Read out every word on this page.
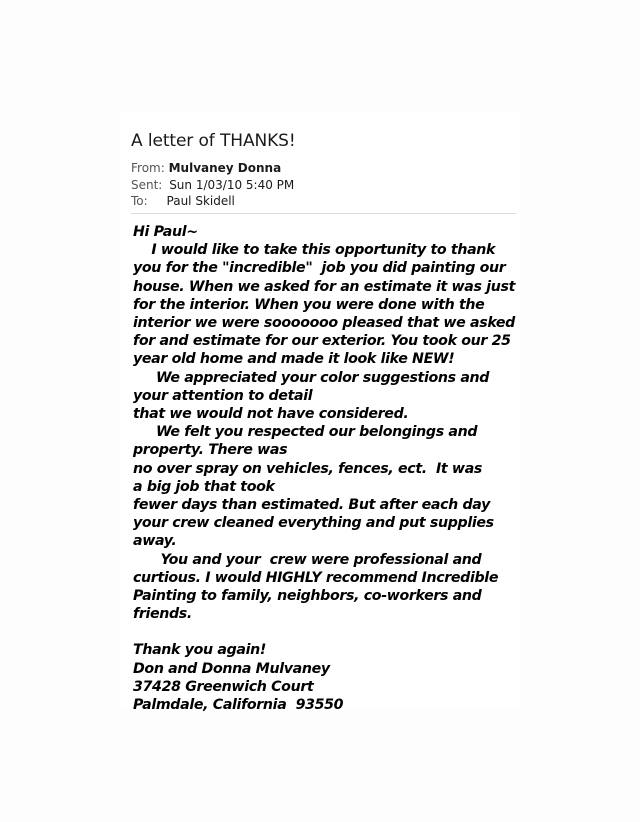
A letter of THANKS!
From: Mulvaney Donna
Sent: Sun 1/03/10 5:40 PM
To: Paul Skidell
Hi Paul~
I would like to take this opportunity to thank
you for the "incredible"  job you did painting our
house. When we asked for an estimate it was just
for the interior. When you were done with the
interior we were sooooooo pleased that we asked
for and estimate for our exterior. You took our 25
year old home and made it look like NEW!
We appreciated your color suggestions and
your attention to detail
that we would not have considered.
We felt you respected our belongings and
property. There was
no over spray on vehicles, fences, ect.  It was
a big job that took
fewer days than estimated. But after each day
your crew cleaned everything and put supplies
away.
You and your  crew were professional and
curtious. I would HIGHLY recommend Incredible
Painting to family, neighbors, co-workers and
friends.
Thank you again!
Don and Donna Mulvaney
37428 Greenwich Court
Palmdale, California  93550
